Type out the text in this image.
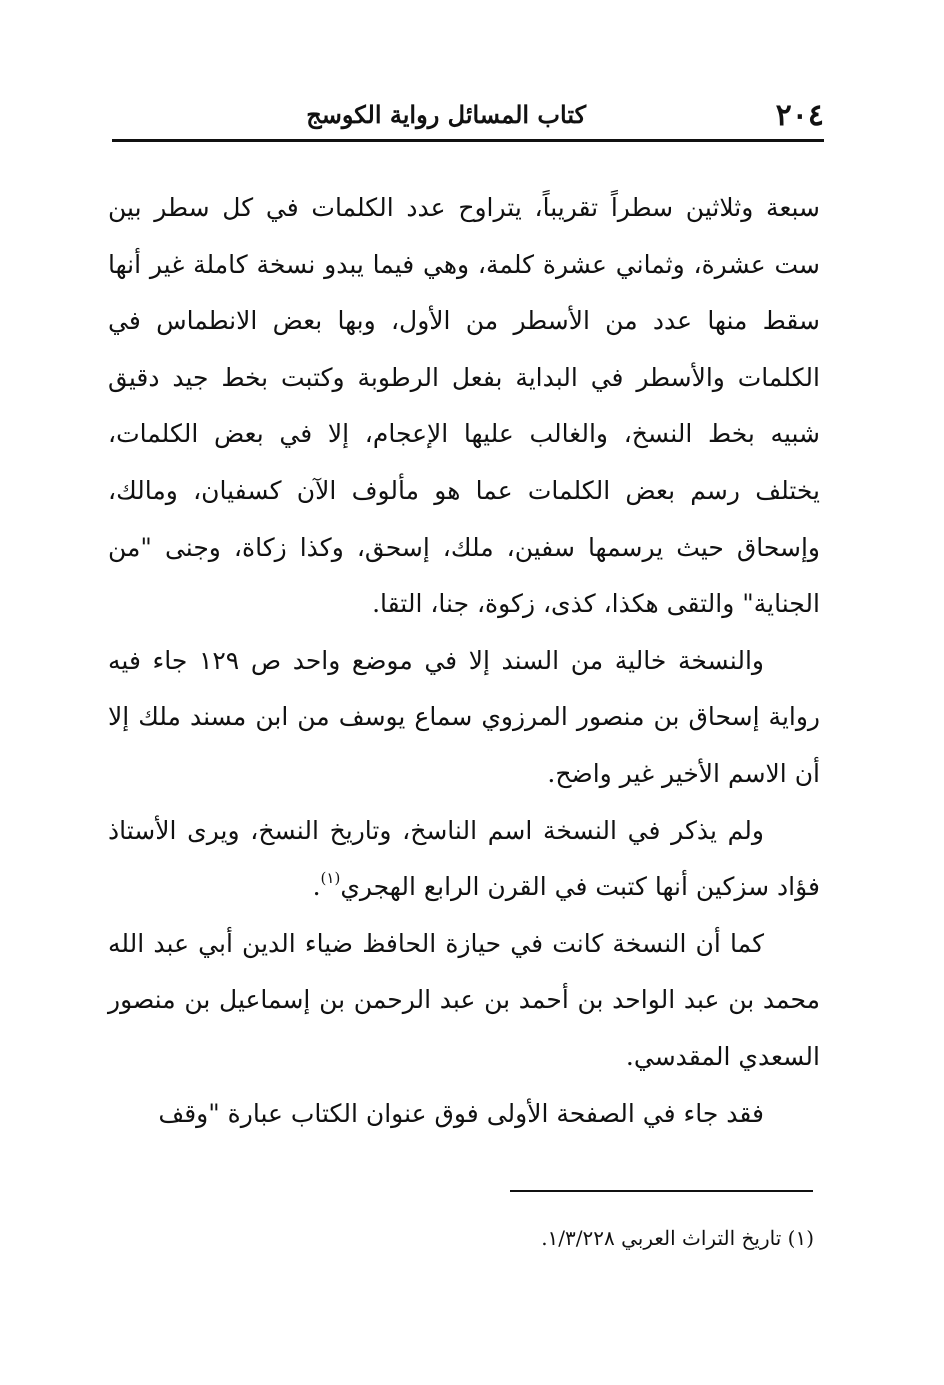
٢٠٤
كتاب المسائل رواية الكوسج

سبعة وثلاثين سطراً تقريباً، يتراوح عدد الكلمات في كل سطر بين ست عشرة، وثماني عشرة كلمة، وهي فيما يبدو نسخة كاملة غير أنها سقط منها عدد من الأسطر من الأول، وبها بعض الانطماس في الكلمات والأسطر في البداية بفعل الرطوبة وكتبت بخط جيد دقيق شبيه بخط النسخ، والغالب عليها الإعجام، إلا في بعض الكلمات، يختلف رسم بعض الكلمات عما هو مألوف الآن كسفيان، ومالك، وإسحاق حيث يرسمها سفين، ملك، إسحق، وكذا زكاة، وجنى "من الجناية" والتقى هكذا، كذى، زكوة، جنا، التقا.

والنسخة خالية من السند إلا في موضع واحد ص ١٢٩ جاء فيه رواية إسحاق بن منصور المرزوي سماع يوسف من ابن مسند ملك إلا أن الاسم الأخير غير واضح.

ولم يذكر في النسخة اسم الناسخ، وتاريخ النسخ، ويرى الأستاذ فؤاد سزكين أنها كتبت في القرن الرابع الهجري$^{(١)}$.

كما أن النسخة كانت في حيازة الحافظ ضياء الدين أبي عبد الله محمد بن عبد الواحد بن أحمد بن عبد الرحمن بن إسماعيل بن منصور السعدي المقدسي.

فقد جاء في الصفحة الأولى فوق عنوان الكتاب عبارة "وقف

(١) تاريخ التراث العربي ١/٣/٢٢٨.
